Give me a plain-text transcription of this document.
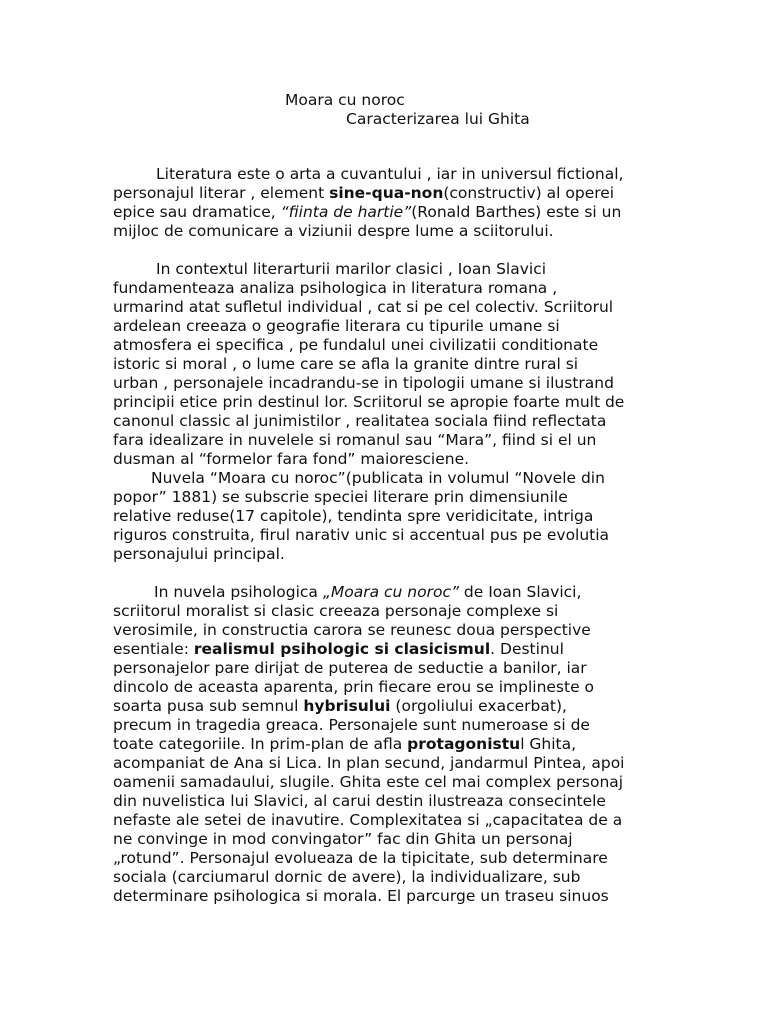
Moara cu noroc
Caracterizarea lui Ghita

Literatura este o arta a cuvantului , iar in universul fictional,
personajul literar , element sine-qua-non(constructiv) al operei
epice sau dramatice, “fiinta de hartie”(Ronald Barthes) este si un
mijloc de comunicare a viziunii despre lume a sciitorului.

In contextul literarturii marilor clasici , Ioan Slavici
fundamenteaza analiza psihologica in literatura romana ,
urmarind atat sufletul individual , cat si pe cel colectiv. Scriitorul
ardelean creeaza o geografie literara cu tipurile umane si
atmosfera ei specifica , pe fundalul unei civilizatii conditionate
istoric si moral , o lume care se afla la granite dintre rural si
urban , personajele incadrandu-se in tipologii umane si ilustrand
principii etice prin destinul lor. Scriitorul se apropie foarte mult de
canonul classic al junimistilor , realitatea sociala fiind reflectata
fara idealizare in nuvelele si romanul sau “Mara”, fiind si el un
dusman al “formelor fara fond” maioresciene.

Nuvela “Moara cu noroc”(publicata in volumul “Novele din
popor” 1881) se subscrie speciei literare prin dimensiunile
relative reduse(17 capitole), tendinta spre veridicitate, intriga
riguros construita, firul narativ unic si accentual pus pe evolutia
personajului principal.

In nuvela psihologica „Moara cu noroc” de Ioan Slavici,
scriitorul moralist si clasic creeaza personaje complexe si
verosimile, in constructia carora se reunesc doua perspective
esentiale: realismul psihologic si clasicismul. Destinul
personajelor pare dirijat de puterea de seductie a banilor, iar
dincolo de aceasta aparenta, prin fiecare erou se implineste o
soarta pusa sub semnul hybrisului (orgoliului exacerbat),
precum in tragedia greaca. Personajele sunt numeroase si de
toate categoriile. In prim-plan de afla protagonistul Ghita,
acompaniat de Ana si Lica. In plan secund, jandarmul Pintea, apoi
oamenii samadaului, slugile. Ghita este cel mai complex personaj
din nuvelistica lui Slavici, al carui destin ilustreaza consecintele
nefaste ale setei de inavutire. Complexitatea si „capacitatea de a
ne convinge in mod convingator” fac din Ghita un personaj
„rotund”. Personajul evolueaza de la tipicitate, sub determinare
sociala (carciumarul dornic de avere), la individualizare, sub
determinare psihologica si morala. El parcurge un traseu sinuos
